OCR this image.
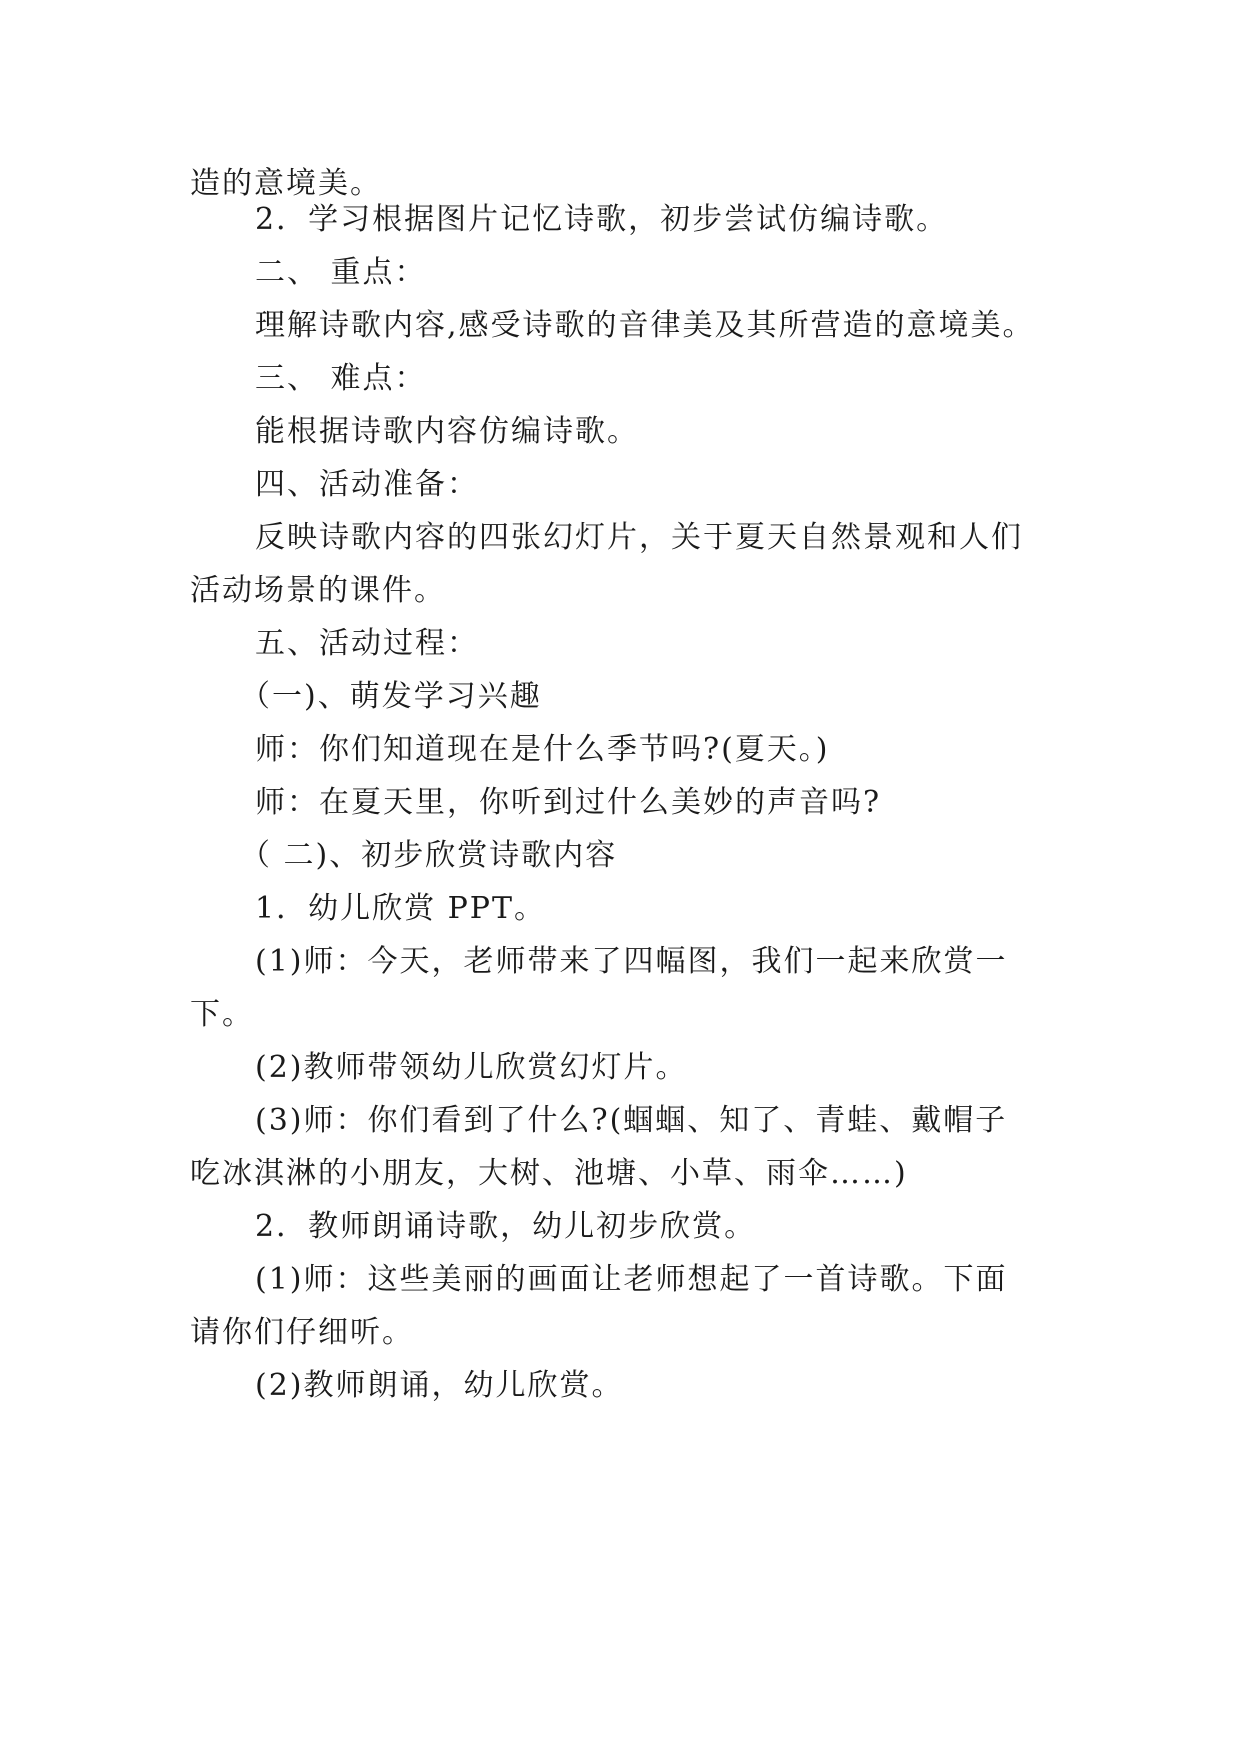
造的意境美。
2．学习根据图片记忆诗歌，初步尝试仿编诗歌。
二、 重点：
理解诗歌内容,感受诗歌的音律美及其所营造的意境美。
三、 难点：
能根据诗歌内容仿编诗歌。
四、活动准备：
反映诗歌内容的四张幻灯片，关于夏天自然景观和人们
活动场景的课件。
五、活动过程：
（一)、萌发学习兴趣
师：你们知道现在是什么季节吗?(夏天。)
师：在夏天里，你听到过什么美妙的声音吗?
（ 二)、初步欣赏诗歌内容
1．幼儿欣赏 PPT。
(1)师：今天，老师带来了四幅图，我们一起来欣赏一
下。
(2)教师带领幼儿欣赏幻灯片。
(3)师：你们看到了什么?(蝈蝈、知了、青蛙、戴帽子
吃冰淇淋的小朋友，大树、池塘、小草、雨伞……)
2．教师朗诵诗歌，幼儿初步欣赏。
(1)师：这些美丽的画面让老师想起了一首诗歌。下面
请你们仔细听。
(2)教师朗诵，幼儿欣赏。
